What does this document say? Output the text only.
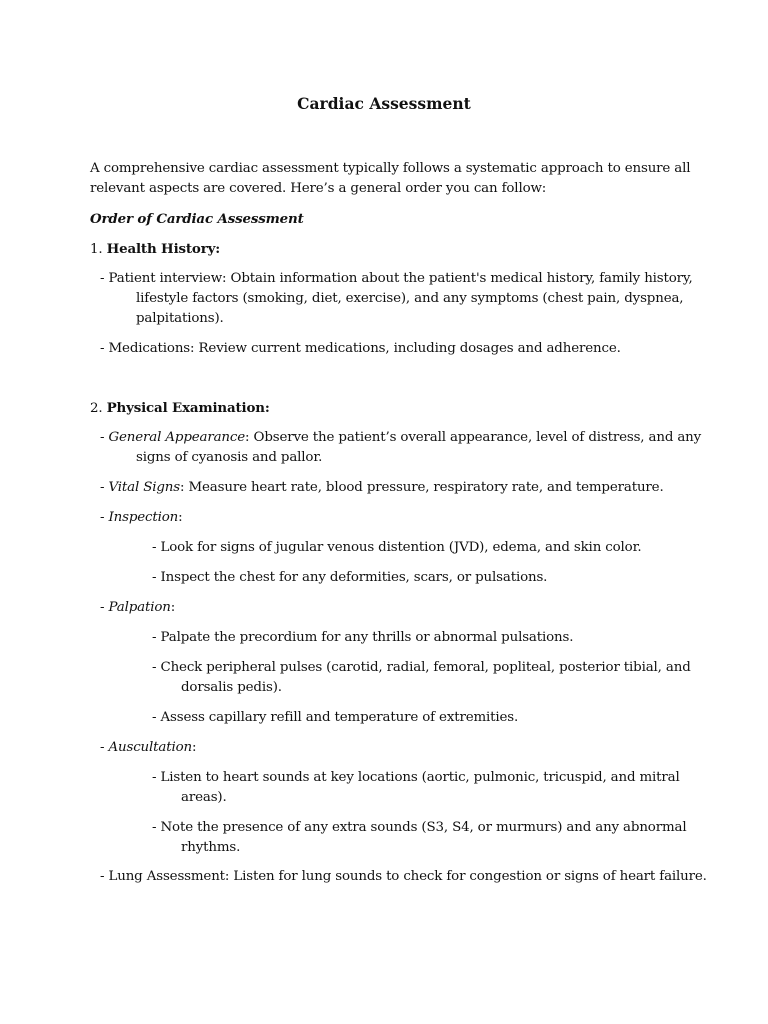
Cardiac Assessment
A comprehensive cardiac assessment typically follows a systematic approach to ensure all
relevant aspects are covered. Here’s a general order you can follow:
Order of Cardiac Assessment
1. Health History:
- Patient interview: Obtain information about the patient's medical history, family history,
lifestyle factors (smoking, diet, exercise), and any symptoms (chest pain, dyspnea,
palpitations).
- Medications: Review current medications, including dosages and adherence.
2. Physical Examination:
- General Appearance: Observe the patient’s overall appearance, level of distress, and any
signs of cyanosis and pallor.
- Vital Signs: Measure heart rate, blood pressure, respiratory rate, and temperature.
- Inspection:
- Look for signs of jugular venous distention (JVD), edema, and skin color.
- Inspect the chest for any deformities, scars, or pulsations.
- Palpation:
- Palpate the precordium for any thrills or abnormal pulsations.
- Check peripheral pulses (carotid, radial, femoral, popliteal, posterior tibial, and
dorsalis pedis).
- Assess capillary refill and temperature of extremities.
- Auscultation:
- Listen to heart sounds at key locations (aortic, pulmonic, tricuspid, and mitral
areas).
- Note the presence of any extra sounds (S3, S4, or murmurs) and any abnormal
rhythms.
- Lung Assessment: Listen for lung sounds to check for congestion or signs of heart failure.
